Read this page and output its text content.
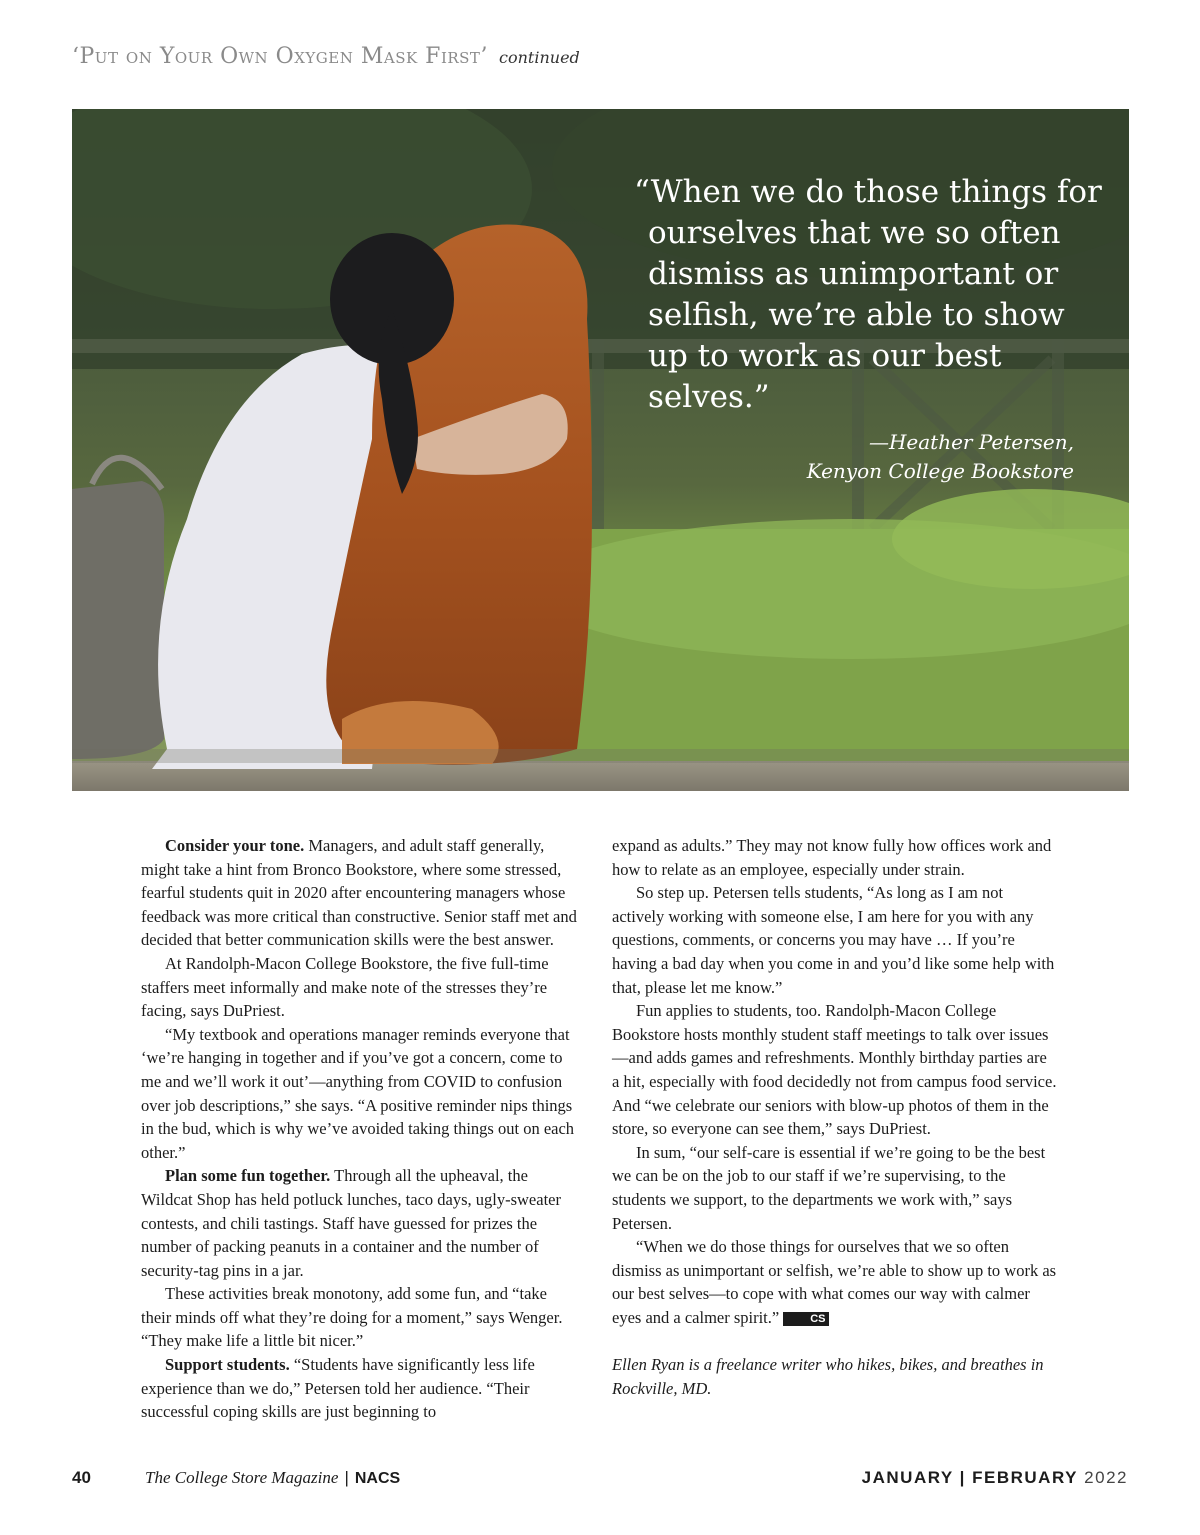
‘Put on Your Own Oxygen Mask First’ continued

“When we do those things for ourselves that we so often dismiss as unimportant or selfish, we’re able to show up to work as our best selves.”

—Heather Petersen,
Kenyon College Bookstore

Consider your tone. Managers, and adult staff generally, might take a hint from Bronco Bookstore, where some stressed, fearful students quit in 2020 after encountering managers whose feedback was more critical than constructive. Senior staff met and decided that better communication skills were the best answer.

At Randolph-Macon College Bookstore, the five full-time staffers meet informally and make note of the stresses they’re facing, says DuPriest.

“My textbook and operations manager reminds everyone that ‘we’re hanging in together and if you’ve got a concern, come to me and we’ll work it out’—anything from COVID to confusion over job descriptions,” she says. “A positive reminder nips things in the bud, which is why we’ve avoided taking things out on each other.”

Plan some fun together. Through all the upheaval, the Wildcat Shop has held potluck lunches, taco days, ugly-sweater contests, and chili tastings. Staff have guessed for prizes the number of packing peanuts in a container and the number of security-tag pins in a jar.

These activities break monotony, add some fun, and “take their minds off what they’re doing for a moment,” says Wenger. “They make life a little bit nicer.”

Support students. “Students have significantly less life experience than we do,” Petersen told her audience. “Their successful coping skills are just beginning to

expand as adults.” They may not know fully how offices work and how to relate as an employee, especially under strain.

So step up. Petersen tells students, “As long as I am not actively working with someone else, I am here for you with any questions, comments, or concerns you may have … If you’re having a bad day when you come in and you’d like some help with that, please let me know.”

Fun applies to students, too. Randolph-Macon College Bookstore hosts monthly student staff meetings to talk over issues—and adds games and refreshments. Monthly birthday parties are a hit, especially with food decidedly not from campus food service. And “we celebrate our seniors with blow-up photos of them in the store, so everyone can see them,” says DuPriest.

In sum, “our self-care is essential if we’re going to be the best we can be on the job to our staff if we’re supervising, to the students we support, to the departments we work with,” says Petersen.

“When we do those things for ourselves that we so often dismiss as unimportant or selfish, we’re able to show up to work as our best selves—to cope with what comes our way with calmer eyes and a calmer spirit.”	CS

Ellen Ryan is a freelance writer who hikes, bikes, and breathes in Rockville, MD.

40	The College Store Magazine | NACS	JANUARY | FEBRUARY 2022
